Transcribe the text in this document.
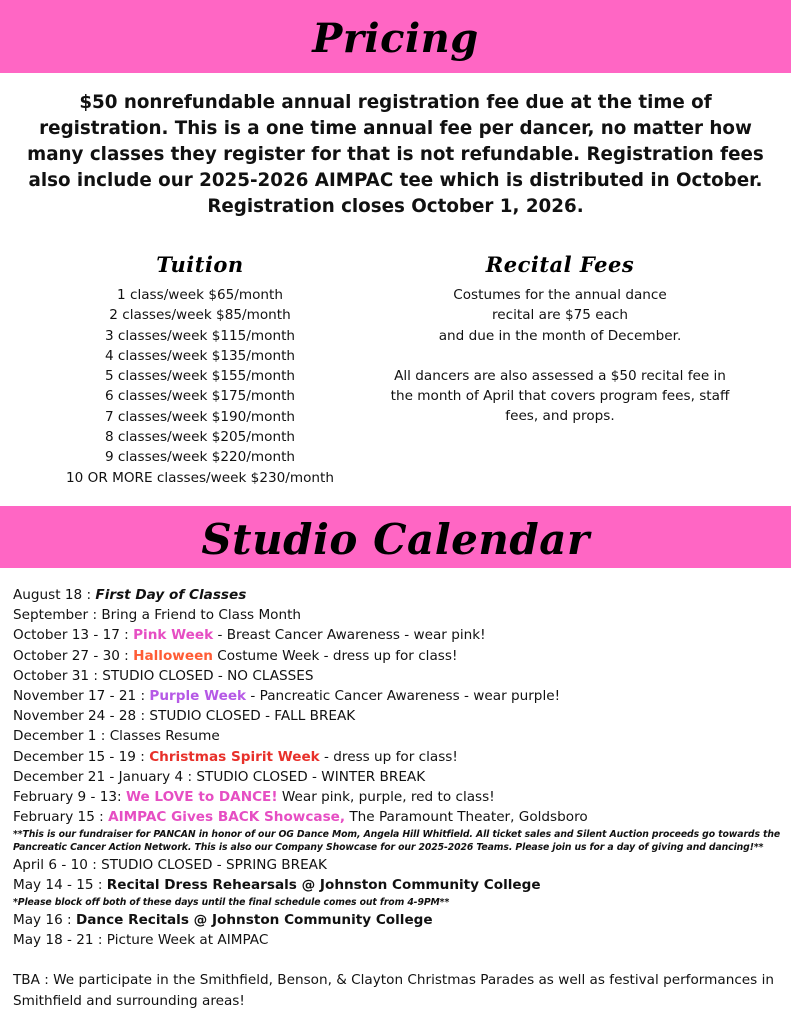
Pricing
$50 nonrefundable annual registration fee due at the time of
registration. This is a one time annual fee per dancer, no matter how
many classes they register for that is not refundable. Registration fees
also include our 2025-2026 AIMPAC tee which is distributed in October.
Registration closes October 1, 2026.
Tuition	Recital Fees
1 class/week $65/month
2 classes/week $85/month
3 classes/week $115/month
4 classes/week $135/month
5 classes/week $155/month
6 classes/week $175/month
7 classes/week $190/month
8 classes/week $205/month
9 classes/week $220/month
10 OR MORE classes/week $230/month
Costumes for the annual dance
recital are $75 each
and due in the month of December.
All dancers are also assessed a $50 recital fee in
the month of April that covers program fees, staff
fees, and props.
Studio Calendar
August 18 : First Day of Classes
September : Bring a Friend to Class Month
October 13 - 17 : Pink Week - Breast Cancer Awareness - wear pink!
October 27 - 30 : Halloween Costume Week - dress up for class!
October 31 : STUDIO CLOSED - NO CLASSES
November 17 - 21 : Purple Week - Pancreatic Cancer Awareness - wear purple!
November 24 - 28 : STUDIO CLOSED - FALL BREAK
December 1 : Classes Resume
December 15 - 19 : Christmas Spirit Week - dress up for class!
December 21 - January 4 : STUDIO CLOSED - WINTER BREAK
February 9 - 13: We LOVE to DANCE! Wear pink, purple, red to class!
February 15 : AIMPAC Gives BACK Showcase, The Paramount Theater, Goldsboro
**This is our fundraiser for PANCAN in honor of our OG Dance Mom, Angela Hill Whitfield. All ticket sales and Silent Auction proceeds go towards the
Pancreatic Cancer Action Network. This is also our Company Showcase for our 2025-2026 Teams. Please join us for a day of giving and dancing!**
April 6 - 10 : STUDIO CLOSED - SPRING BREAK
May 14 - 15 : Recital Dress Rehearsals @ Johnston Community College
*Please block off both of these days until the final schedule comes out from 4-9PM**
May 16 : Dance Recitals @ Johnston Community College
May 18 - 21 : Picture Week at AIMPAC
TBA : We participate in the Smithfield, Benson, & Clayton Christmas Parades as well as festival performances in
Smithfield and surrounding areas!
